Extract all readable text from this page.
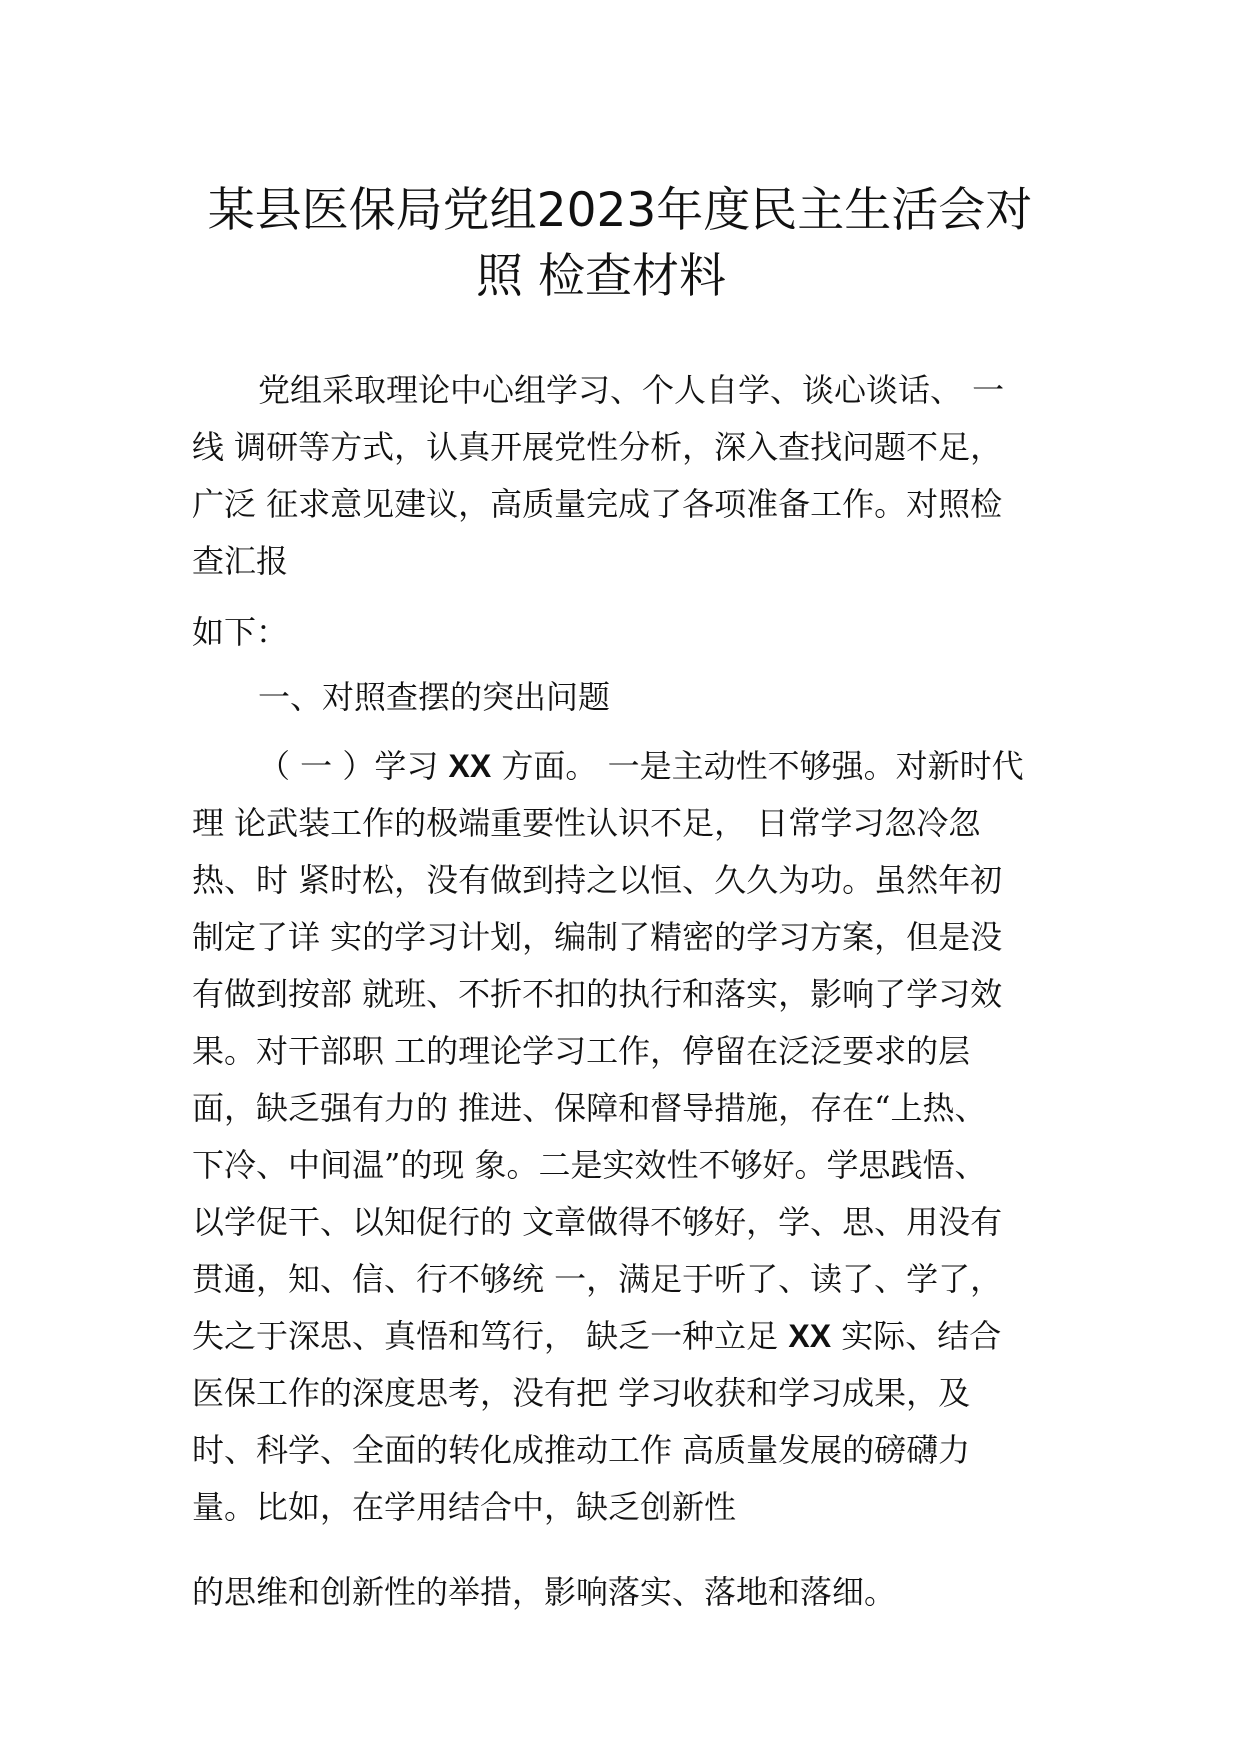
某县医保局党组2023年度民主生活会对
照 检查材料
党组采取理论中心组学习、个人自学、谈心谈话、 一
线 调研等方式，认真开展党性分析，深入查找问题不足，
广泛 征求意见建议，高质量完成了各项准备工作。对照检
查汇报
如下：
一、对照查摆的突出问题
（ 一 ）学习 XX 方面。 一是主动性不够强。对新时代
理 论武装工作的极端重要性认识不足， 日常学习忽冷忽
热、时 紧时松，没有做到持之以恒、久久为功。虽然年初
制定了详 实的学习计划，编制了精密的学习方案，但是没
有做到按部 就班、不折不扣的执行和落实，影响了学习效
果。对干部职 工的理论学习工作，停留在泛泛要求的层
面，缺乏强有力的 推进、保障和督导措施，存在“上热、
下冷、中间温”的现 象。二是实效性不够好。学思践悟、
以学促干、以知促行的 文章做得不够好，学、思、用没有
贯通，知、信、行不够统 一，满足于听了、读了、学了，
失之于深思、真悟和笃行， 缺乏一种立足 XX 实际、结合
医保工作的深度思考，没有把 学习收获和学习成果，及
时、科学、全面的转化成推动工作 高质量发展的磅礴力
量。比如，在学用结合中，缺乏创新性
的思维和创新性的举措，影响落实、落地和落细。
